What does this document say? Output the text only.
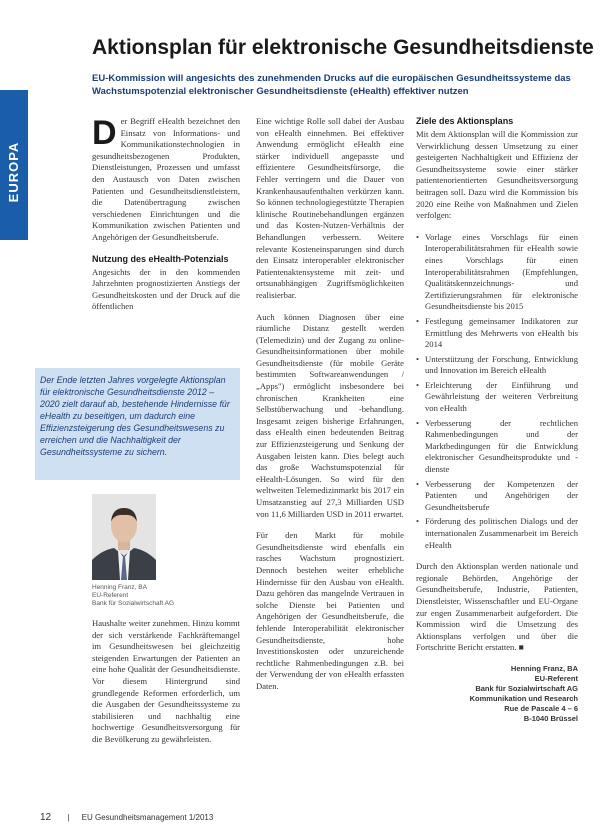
EUROPA AKTUELL
Aktionsplan für elektronische Gesundheitsdienste
EU-Kommission will angesichts des zunehmenden Drucks auf die europäischen Gesundheitssysteme das Wachstumspotenzial elektronischer Gesundheitsdienste (eHealth) effektiver nutzen

Der Begriff eHealth bezeichnet den Einsatz von Informations- und Kommunikationstechnologien in gesundheitsbezogenen Produkten, Dienstleistungen, Prozessen und umfasst den Austausch von Daten zwischen Patienten und Gesundheitsdienstleistern, die Datenübertragung zwischen verschiedenen Einrichtungen und die Kommunikation zwischen Patienten und Angehörigen der Gesundheitsberufe.

Nutzung des eHealth-Potenzials

Angesichts der in den kommenden Jahrzehnten prognostizierten Anstiegs der Gesundheitskosten und der Druck auf die öffentlichen

Der Ende letzten Jahres vorgelegte Aktionsplan für elektronische Gesundheitsdienste 2012 – 2020 zielt darauf ab, bestehende Hindernisse für eHealth zu beseitigen, um dadurch eine Effizienzsteigerung des Gesundheitswesens zu erreichen und die Nachhaltigkeit der Gesundheitssysteme zu sichern.
Henning Franz, BA
EU-Referent
Bank für Sozialwirtschaft AG

Haushalte weiter zunehmen. Hinzu kommt der sich verstärkende Fachkräftemangel im Gesundheitswesen bei gleichzeitig steigenden Erwartungen der Patienten an eine hohe Qualität der Gesundheitsdienste. Vor diesem Hintergrund sind grundlegende Reformen erforderlich, um die Ausgaben der Gesundheitssysteme zu stabilisieren und nachhaltig eine hochwertige Gesundheitsversorgung für die Bevölkerung zu gewährleisten.

Eine wichtige Rolle soll dabei der Ausbau von eHealth einnehmen. Bei effektiver Anwendung ermöglicht eHealth eine stärker individuell angepasste und effizientere Gesundheitsfürsorge, die Fehler verringern und die Dauer von Krankenhausaufenthalten verkürzen kann. So können technologiegestützte Therapien klinische Routinebehandlungen ergänzen und das Kosten-Nutzen-Verhältnis der Behandlungen verbessern. Weitere relevante Kosteneinsparungen sind durch den Einsatz interoperabler elektronischer Patientenaktensysteme mit zeit- und ortsunabhängigen Zugriffsmöglichkeiten realisierbar.

Auch können Diagnosen über eine räumliche Distanz gestellt werden (Telemedizin) und der Zugang zu online-Gesundheitsinformationen über mobile Gesundheitsdienste (für mobile Geräte bestimmten Softwareanwendungen / „Apps") ermöglicht insbesondere bei chronischen Krankheiten eine Selbstüberwachung und -behandlung. Insgesamt zeigen bisherige Erfahrungen, dass eHealth einen bedeutenden Beitrag zur Effizienzsteigerung und Senkung der Ausgaben leisten kann. Dies belegt auch das große Wachstumspotenzial für eHealth-Lösungen. So wird für den weltweiten Telemedizinmarkt bis 2017 ein Umsatzanstieg auf 27,3 Milliarden USD von 11,6 Milliarden USD in 2011 erwartet.

Für den Markt für mobile Gesundheitsdienste wird ebenfalls ein rasches Wachstum prognostiziert. Dennoch bestehen weiter erhebliche Hindernisse für den Ausbau von eHealth. Dazu gehören das mangelnde Vertrauen in solche Dienste bei Patienten und Angehörigen der Gesundheitsberufe, die fehlende Interoperabilität elektronischer Gesundheitsdienste, hohe Investitionskosten oder unzureichende rechtliche Rahmenbedingungen z.B. bei der Verwendung der von eHealth erfassten Daten.

Ziele des Aktionsplans

Mit dem Aktionsplan will die Kommission zur Verwirklichung dessen Umsetzung zu einer gesteigerten Nachhaltigkeit und Effizienz der Gesundheitssysteme sowie einer stärker patientenorientierten Gesundheitsversorgung beitragen soll. Dazu wird die Kommission bis 2020 eine Reihe von Maßnahmen und Zielen verfolgen:

• Vorlage eines Vorschlags für einen Interoperabilitätsrahmen für eHealth sowie eines Vorschlags für einen Interoperabilitätsrahmen (Empfehlungen, Qualitätskennzeichnungs- und Zertifizierungsrahmen für elektronische Gesundheitsdienste bis 2015
• Festlegung gemeinsamer Indikatoren zur Ermittlung des Mehrwerts von eHealth bis 2014
• Unterstützung der Forschung, Entwicklung und Innovation im Bereich eHealth
• Erleichterung der Einführung und Gewährleistung der weiteren Verbreitung von eHealth
• Verbesserung der rechtlichen Rahmenbedingungen und der Marktbedingungen für die Entwicklung elektronischer Gesundheitsprodukte und -dienste
• Verbesserung der Kompetenzen der Patienten und Angehörigen der Gesundheitsberufe
• Förderung des politischen Dialogs und der internationalen Zusammenarbeit im Bereich eHealth

Durch den Aktionsplan werden nationale und regionale Behörden, Angehörige der Gesundheitsberufe, Industrie, Patienten, Dienstleister, Wissenschaftler und EU-Organe zur engen Zusammenarbeit aufgefordert. Die Kommission wird die Umsetzung des Aktionsplans verfolgen und über die Fortschritte Bericht erstatten. ■

Henning Franz, BA
EU-Referent
Bank für Sozialwirtschaft AG
Kommunikation und Research
Rue de Pascale 4 – 6
B-1040 Brüssel
12 | EU Gesundheitsmanagement 1/2013
